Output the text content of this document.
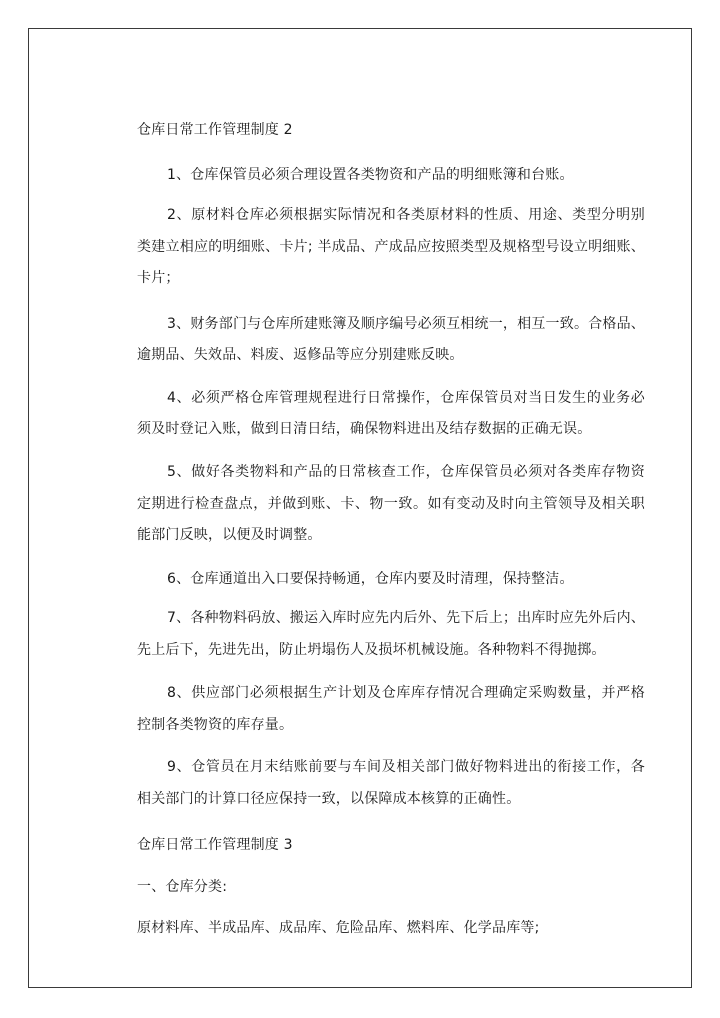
仓库日常工作管理制度 2
1、仓库保管员必须合理设置各类物资和产品的明细账簿和台账。
2、原材料仓库必须根据实际情况和各类原材料的性质、用途、类型分明别
类建立相应的明细账、卡片; 半成品、产成品应按照类型及规格型号设立明细账、
卡片；
3、财务部门与仓库所建账簿及顺序编号必须互相统一，相互一致。合格品、
逾期品、失效品、料废、返修品等应分别建账反映。
4、必须严格仓库管理规程进行日常操作，仓库保管员对当日发生的业务必
须及时登记入账，做到日清日结，确保物料进出及结存数据的正确无误。
5、做好各类物料和产品的日常核查工作，仓库保管员必须对各类库存物资
定期进行检查盘点，并做到账、卡、物一致。如有变动及时向主管领导及相关职
能部门反映，以便及时调整。
6、仓库通道出入口要保持畅通，仓库内要及时清理，保持整洁。
7、各种物料码放、搬运入库时应先内后外、先下后上；出库时应先外后内、
先上后下，先进先出，防止坍塌伤人及损坏机械设施。各种物料不得抛掷。
8、供应部门必须根据生产计划及仓库库存情况合理确定采购数量，并严格
控制各类物资的库存量。
9、仓管员在月末结账前要与车间及相关部门做好物料进出的衔接工作，各
相关部门的计算口径应保持一致，以保障成本核算的正确性。
仓库日常工作管理制度 3
一、仓库分类:
原材料库、半成品库、成品库、危险品库、燃料库、化学品库等;
